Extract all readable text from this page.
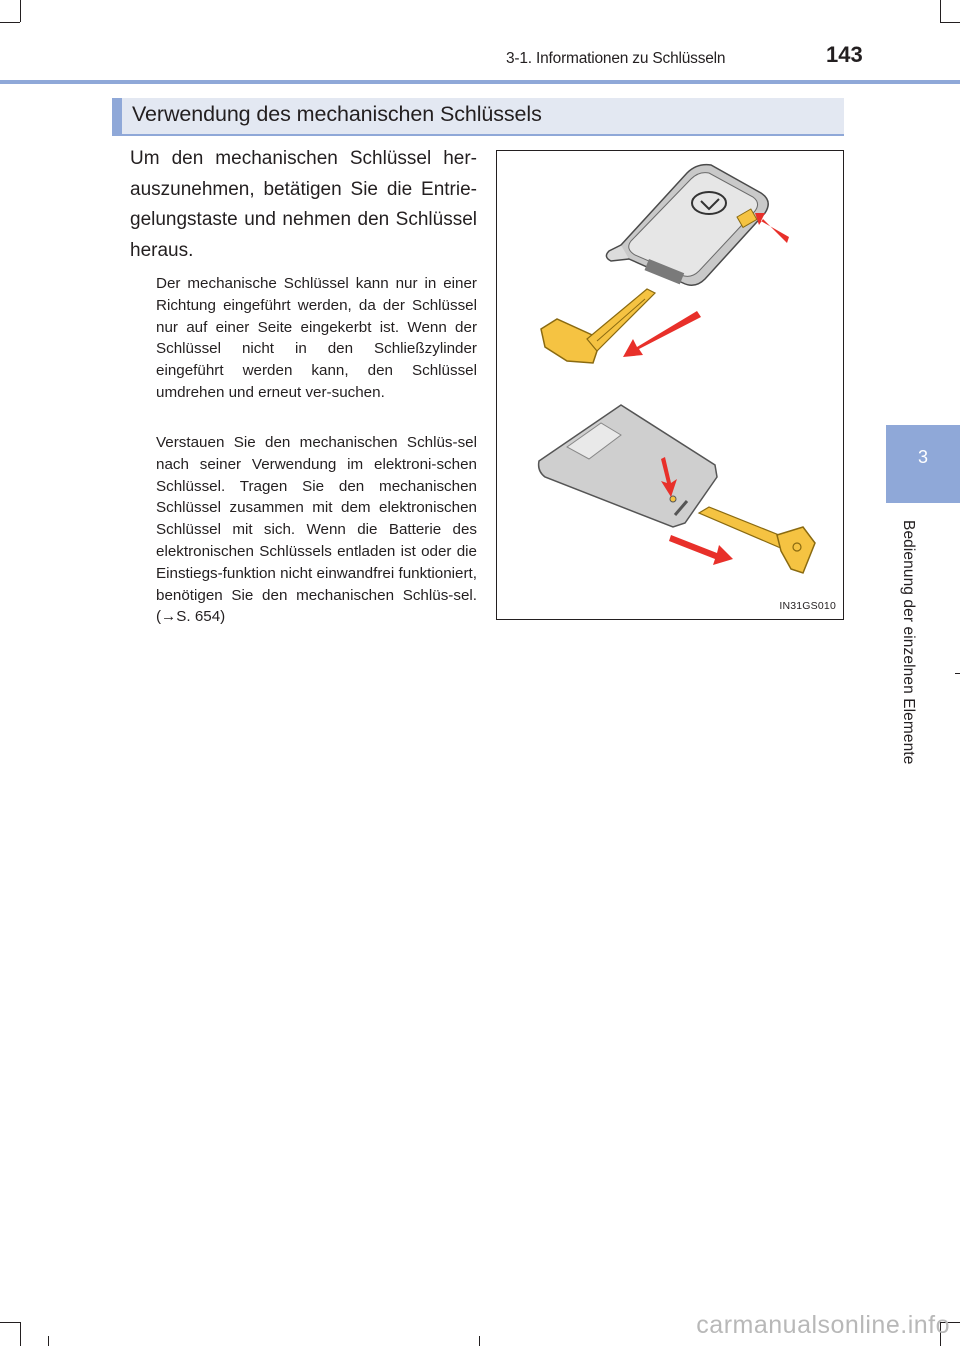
3-1. Informationen zu Schlüsseln	143
Verwendung des mechanischen Schlüssels

Um den mechanischen Schlüssel her-auszunehmen, betätigen Sie die Entrie-gelungstaste und nehmen den Schlüssel heraus.

Der mechanische Schlüssel kann nur in einer Richtung eingeführt werden, da der Schlüssel nur auf einer Seite eingekerbt ist. Wenn der Schlüssel nicht in den Schließzylinder eingeführt werden kann, den Schlüssel umdrehen und erneut ver-suchen.

Verstauen Sie den mechanischen Schlüs-sel nach seiner Verwendung im elektroni-schen Schlüssel. Tragen Sie den mechanischen Schlüssel zusammen mit dem elektronischen Schlüssel mit sich. Wenn die Batterie des elektronischen Schlüssels entladen ist oder die Einstiegs-funktion nicht einwandfrei funktioniert, benötigen Sie den mechanischen Schlüs-sel. (→S. 654)

IN31GS010
3
Bedienung der einzelnen Elemente
carmanualsonline.info
